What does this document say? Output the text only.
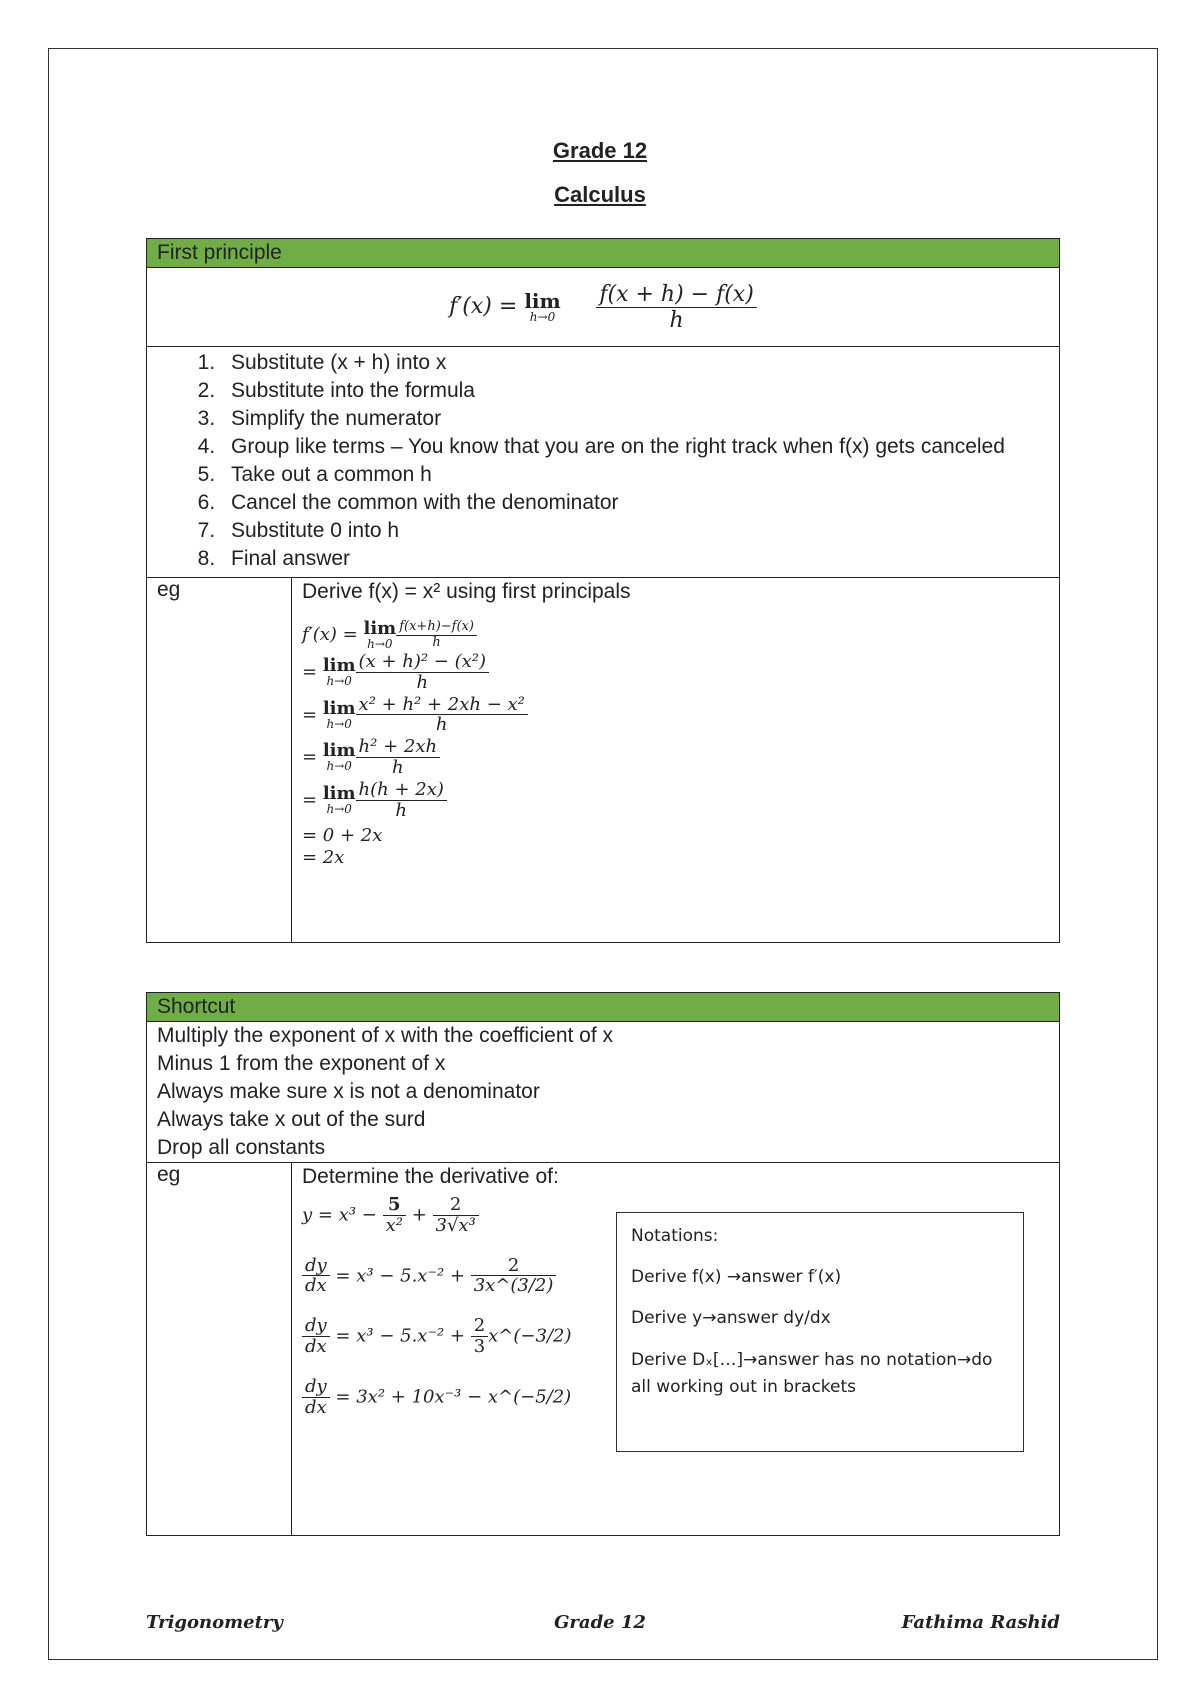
Grade 12
Calculus
First principle
f′(x) = lim
h→0
$\frac{f(x + h) - f(x)}{h}$

1. Substitute (x + h) into x
2. Substitute into the formula
3. Simplify the numerator
4. Group like terms – You know that you are on the right track when f(x) gets canceled
5. Take out a common h
6. Cancel the common with the denominator
7. Substitute 0 into h
8. Final answer

eg	Derive f(x) = x² using first principals
f′(x) = lim
$h\to 0 \frac{f(x+h)-f(x)}{h}$
= lim
$h\to 0 \frac{\text{(x + h)² − (x²)}}{h}$
= lim
$h\to 0 \frac{\text{x² + h² + 2xh − x²}}{h}$
= lim
$h\to 0 \frac{\text{h² + 2xh}}{h}$
= lim
$h\to 0 \frac{h(h + 2x)}{h}$
= 0 + 2x
= 2x
Shortcut

Multiply the exponent of x with the coefficient of x
Minus 1 from the exponent of x
Always make sure x is not a denominator
Always take x out of the surd
Drop all constants

eg	Determine the derivative of:
$y = x^3 - \frac{5}{\text{x²}} + \frac{2}{\text{3√x³}}$
$\frac{dy}{dx} = x^3 - 5.x^{-2} + \frac{2}{3x\^{}(3/2)}$
$\frac{dy}{dx} = x^3 - 5.x^{-2} + \frac{2}{3}$ x^(−3/2)
$\frac{dy}{dx} = 3x^2 + 10x^{-3}$ − x^(−5/2)
Notations:
Derive f(x) →answer f′(x)
Derive y→answer dy/dx
Derive Dₓ[…]→answer has no notation→do all working out in brackets
Trigonometry	Grade 12	Fathima Rashid
